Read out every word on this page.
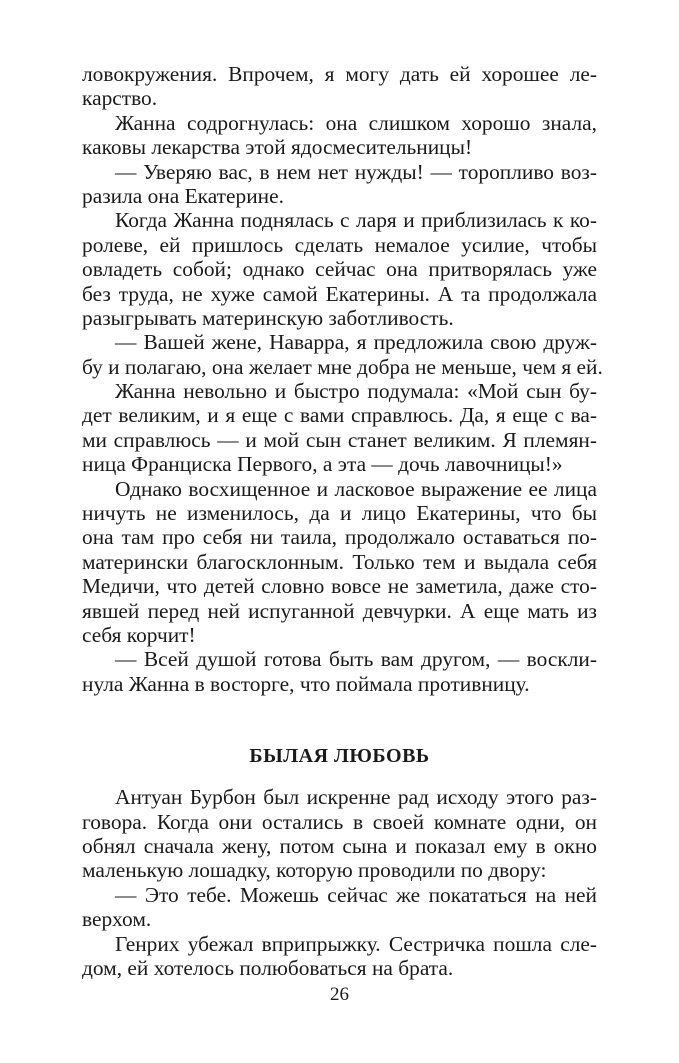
ловокружения. Впрочем, я могу дать ей хорошее ле-
карство.
Жанна содрогнулась: она слишком хорошо знала,
каковы лекарства этой ядосмесительницы!
— Уверяю вас, в нем нет нужды! — торопливо воз-
разила она Екатерине.
Когда Жанна поднялась с ларя и приблизилась к ко-
ролеве, ей пришлось сделать немалое усилие, чтобы
овладеть собой; однако сейчас она притворялась уже
без труда, не хуже самой Екатерины. А та продолжала
разыгрывать материнскую заботливость.
— Вашей жене, Наварра, я предложила свою друж-
бу и полагаю, она желает мне добра не меньше, чем я ей.
Жанна невольно и быстро подумала: «Мой сын бу-
дет великим, и я еще с вами справлюсь. Да, я еще с ва-
ми справлюсь — и мой сын станет великим. Я племян-
ница Франциска Первого, а эта — дочь лавочницы!»
Однако восхищенное и ласковое выражение ее лица
ничуть не изменилось, да и лицо Екатерины, что бы
она там про себя ни таила, продолжало оставаться по-
матерински благосклонным. Только тем и выдала себя
Медичи, что детей словно вовсе не заметила, даже сто-
явшей перед ней испуганной девчурки. А еще мать из
себя корчит!
— Всей душой готова быть вам другом, — воскли-
нула Жанна в восторге, что поймала противницу.
БЫЛАЯ ЛЮБОВЬ
Антуан Бурбон был искренне рад исходу этого раз-
говора. Когда они остались в своей комнате одни, он
обнял сначала жену, потом сына и показал ему в окно
маленькую лошадку, которую проводили по двору:
— Это тебе. Можешь сейчас же покататься на ней
верхом.
Генрих убежал вприпрыжку. Сестричка пошла сле-
дом, ей хотелось полюбоваться на брата.
26
